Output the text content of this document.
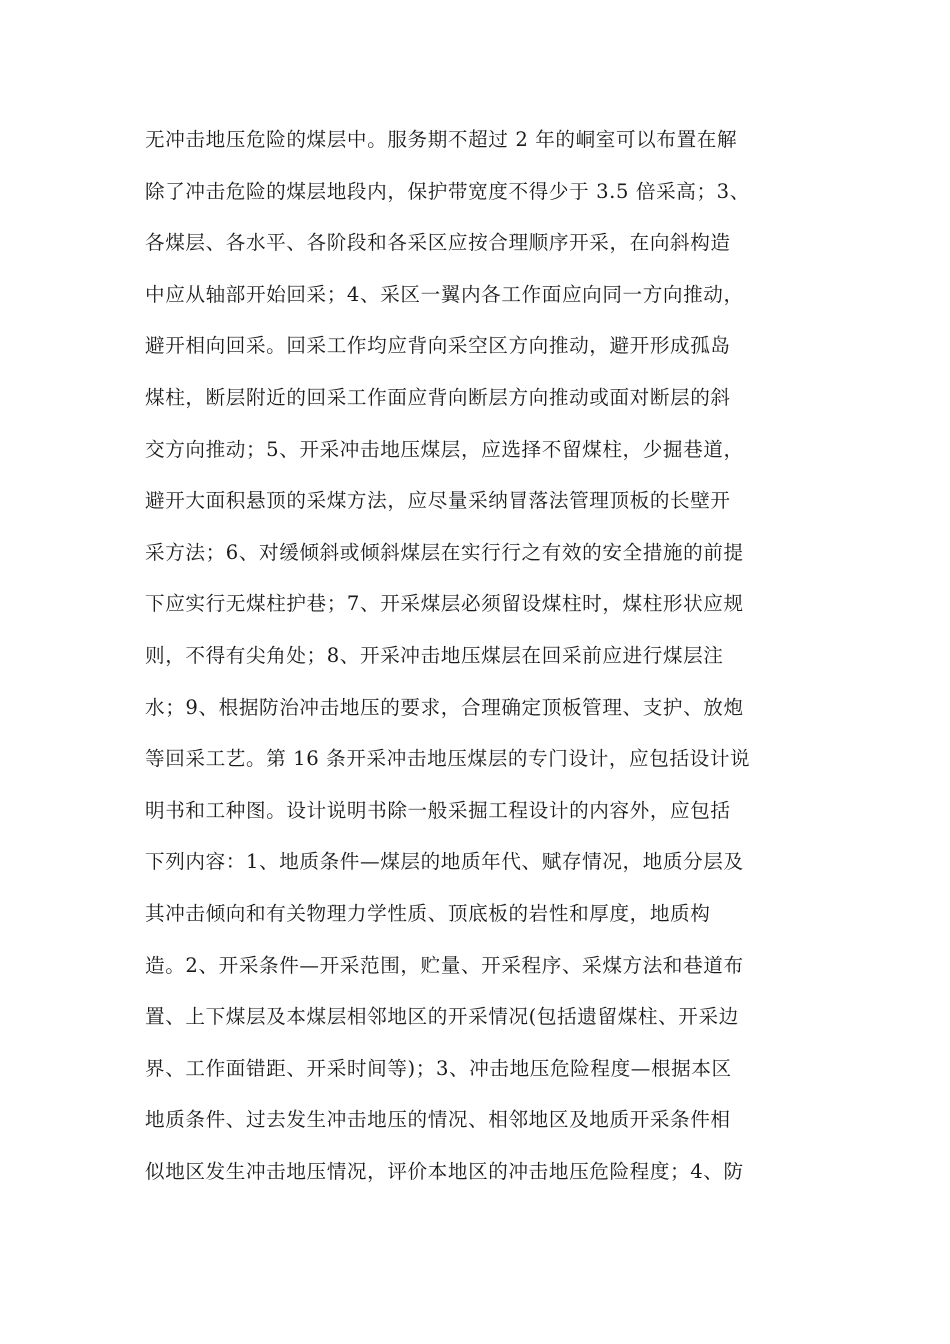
无冲击地压危险的煤层中。服务期不超过 2 年的峒室可以布置在解
除了冲击危险的煤层地段内，保护带宽度不得少于 3.5 倍采高；3、
各煤层、各水平、各阶段和各采区应按合理顺序开采，在向斜构造
中应从轴部开始回采；4、采区一翼内各工作面应向同一方向推动，
避开相向回采。回采工作均应背向采空区方向推动，避开形成孤岛
煤柱，断层附近的回采工作面应背向断层方向推动或面对断层的斜
交方向推动；5、开采冲击地压煤层，应选择不留煤柱，少掘巷道，
避开大面积悬顶的采煤方法，应尽量采纳冒落法管理顶板的长壁开
采方法；6、对缓倾斜或倾斜煤层在实行行之有效的安全措施的前提
下应实行无煤柱护巷；7、开采煤层必须留设煤柱时，煤柱形状应规
则，不得有尖角处；8、开采冲击地压煤层在回采前应进行煤层注
水；9、根据防治冲击地压的要求，合理确定顶板管理、支护、放炮
等回采工艺。第 16 条开采冲击地压煤层的专门设计，应包括设计说
明书和工种图。设计说明书除一般采掘工程设计的内容外，应包括
下列内容：1、地质条件—煤层的地质年代、赋存情况，地质分层及
其冲击倾向和有关物理力学性质、顶底板的岩性和厚度，地质构
造。2、开采条件—开采范围，贮量、开采程序、采煤方法和巷道布
置、上下煤层及本煤层相邻地区的开采情况(包括遗留煤柱、开采边
界、工作面错距、开采时间等)；3、冲击地压危险程度—根据本区
地质条件、过去发生冲击地压的情况、相邻地区及地质开采条件相
似地区发生冲击地压情况，评价本地区的冲击地压危险程度；4、防
